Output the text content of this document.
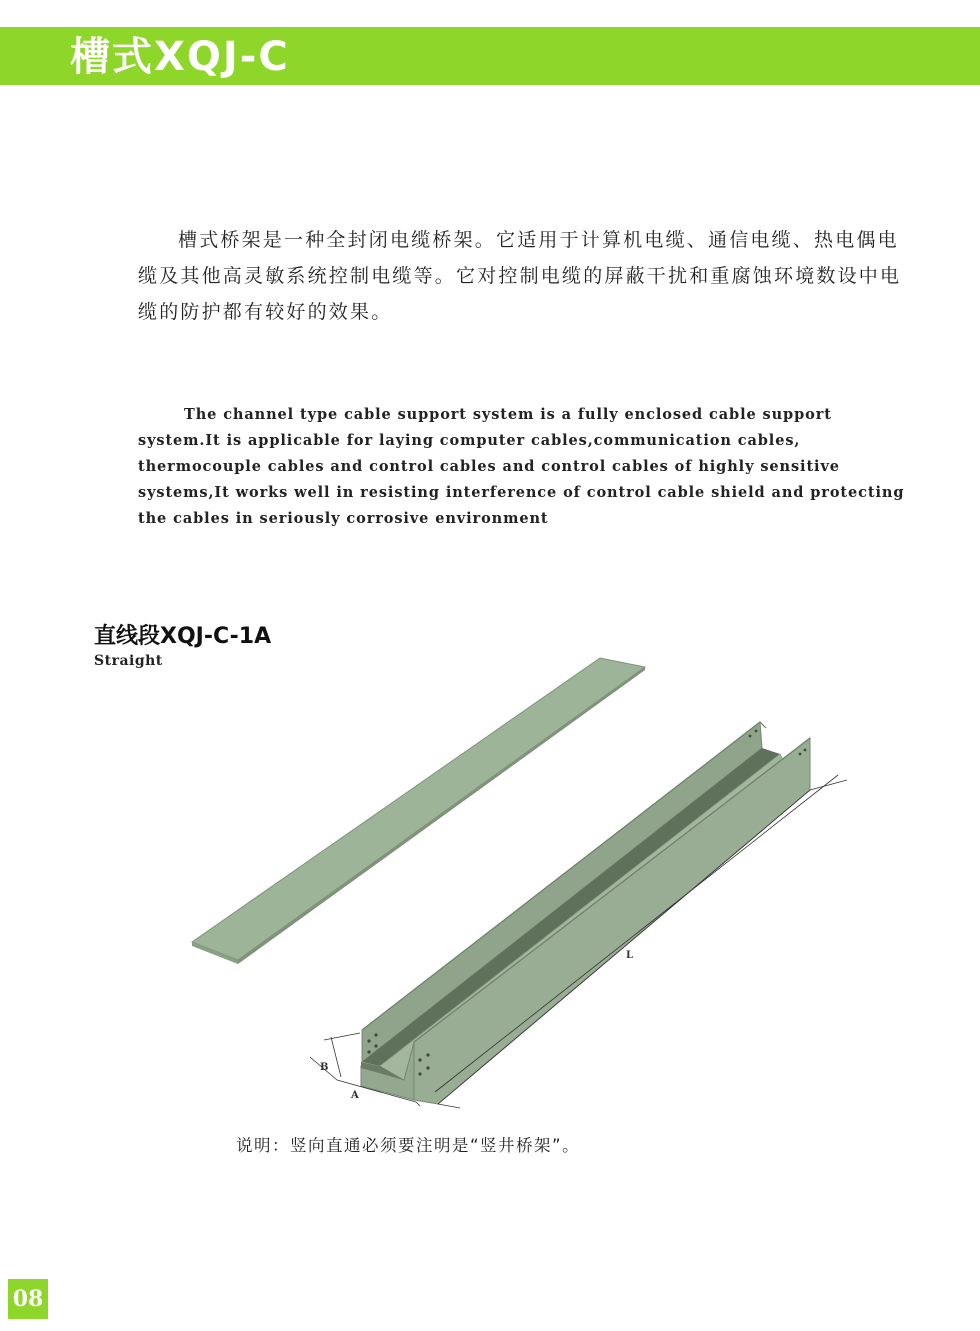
槽式XQJ-C

槽式桥架是一种全封闭电缆桥架。它适用于计算机电缆、通信电缆、热电偶电缆及其他高灵敏系统控制电缆等。它对控制电缆的屏蔽干扰和重腐蚀环境数设中电缆的防护都有较好的效果。

The channel type cable support system is a fully enclosed cable support system.It is applicable for laying computer cables,communication cables, thermocouple cables and control cables and control cables of highly sensitive systems,It works well in resisting interference of control cable shield and protecting the cables in seriously corrosive environment

直线段XQJ-C-1A
Straight
L
A
B
说明：竖向直通必须要注明是“竖井桥架”。
08
